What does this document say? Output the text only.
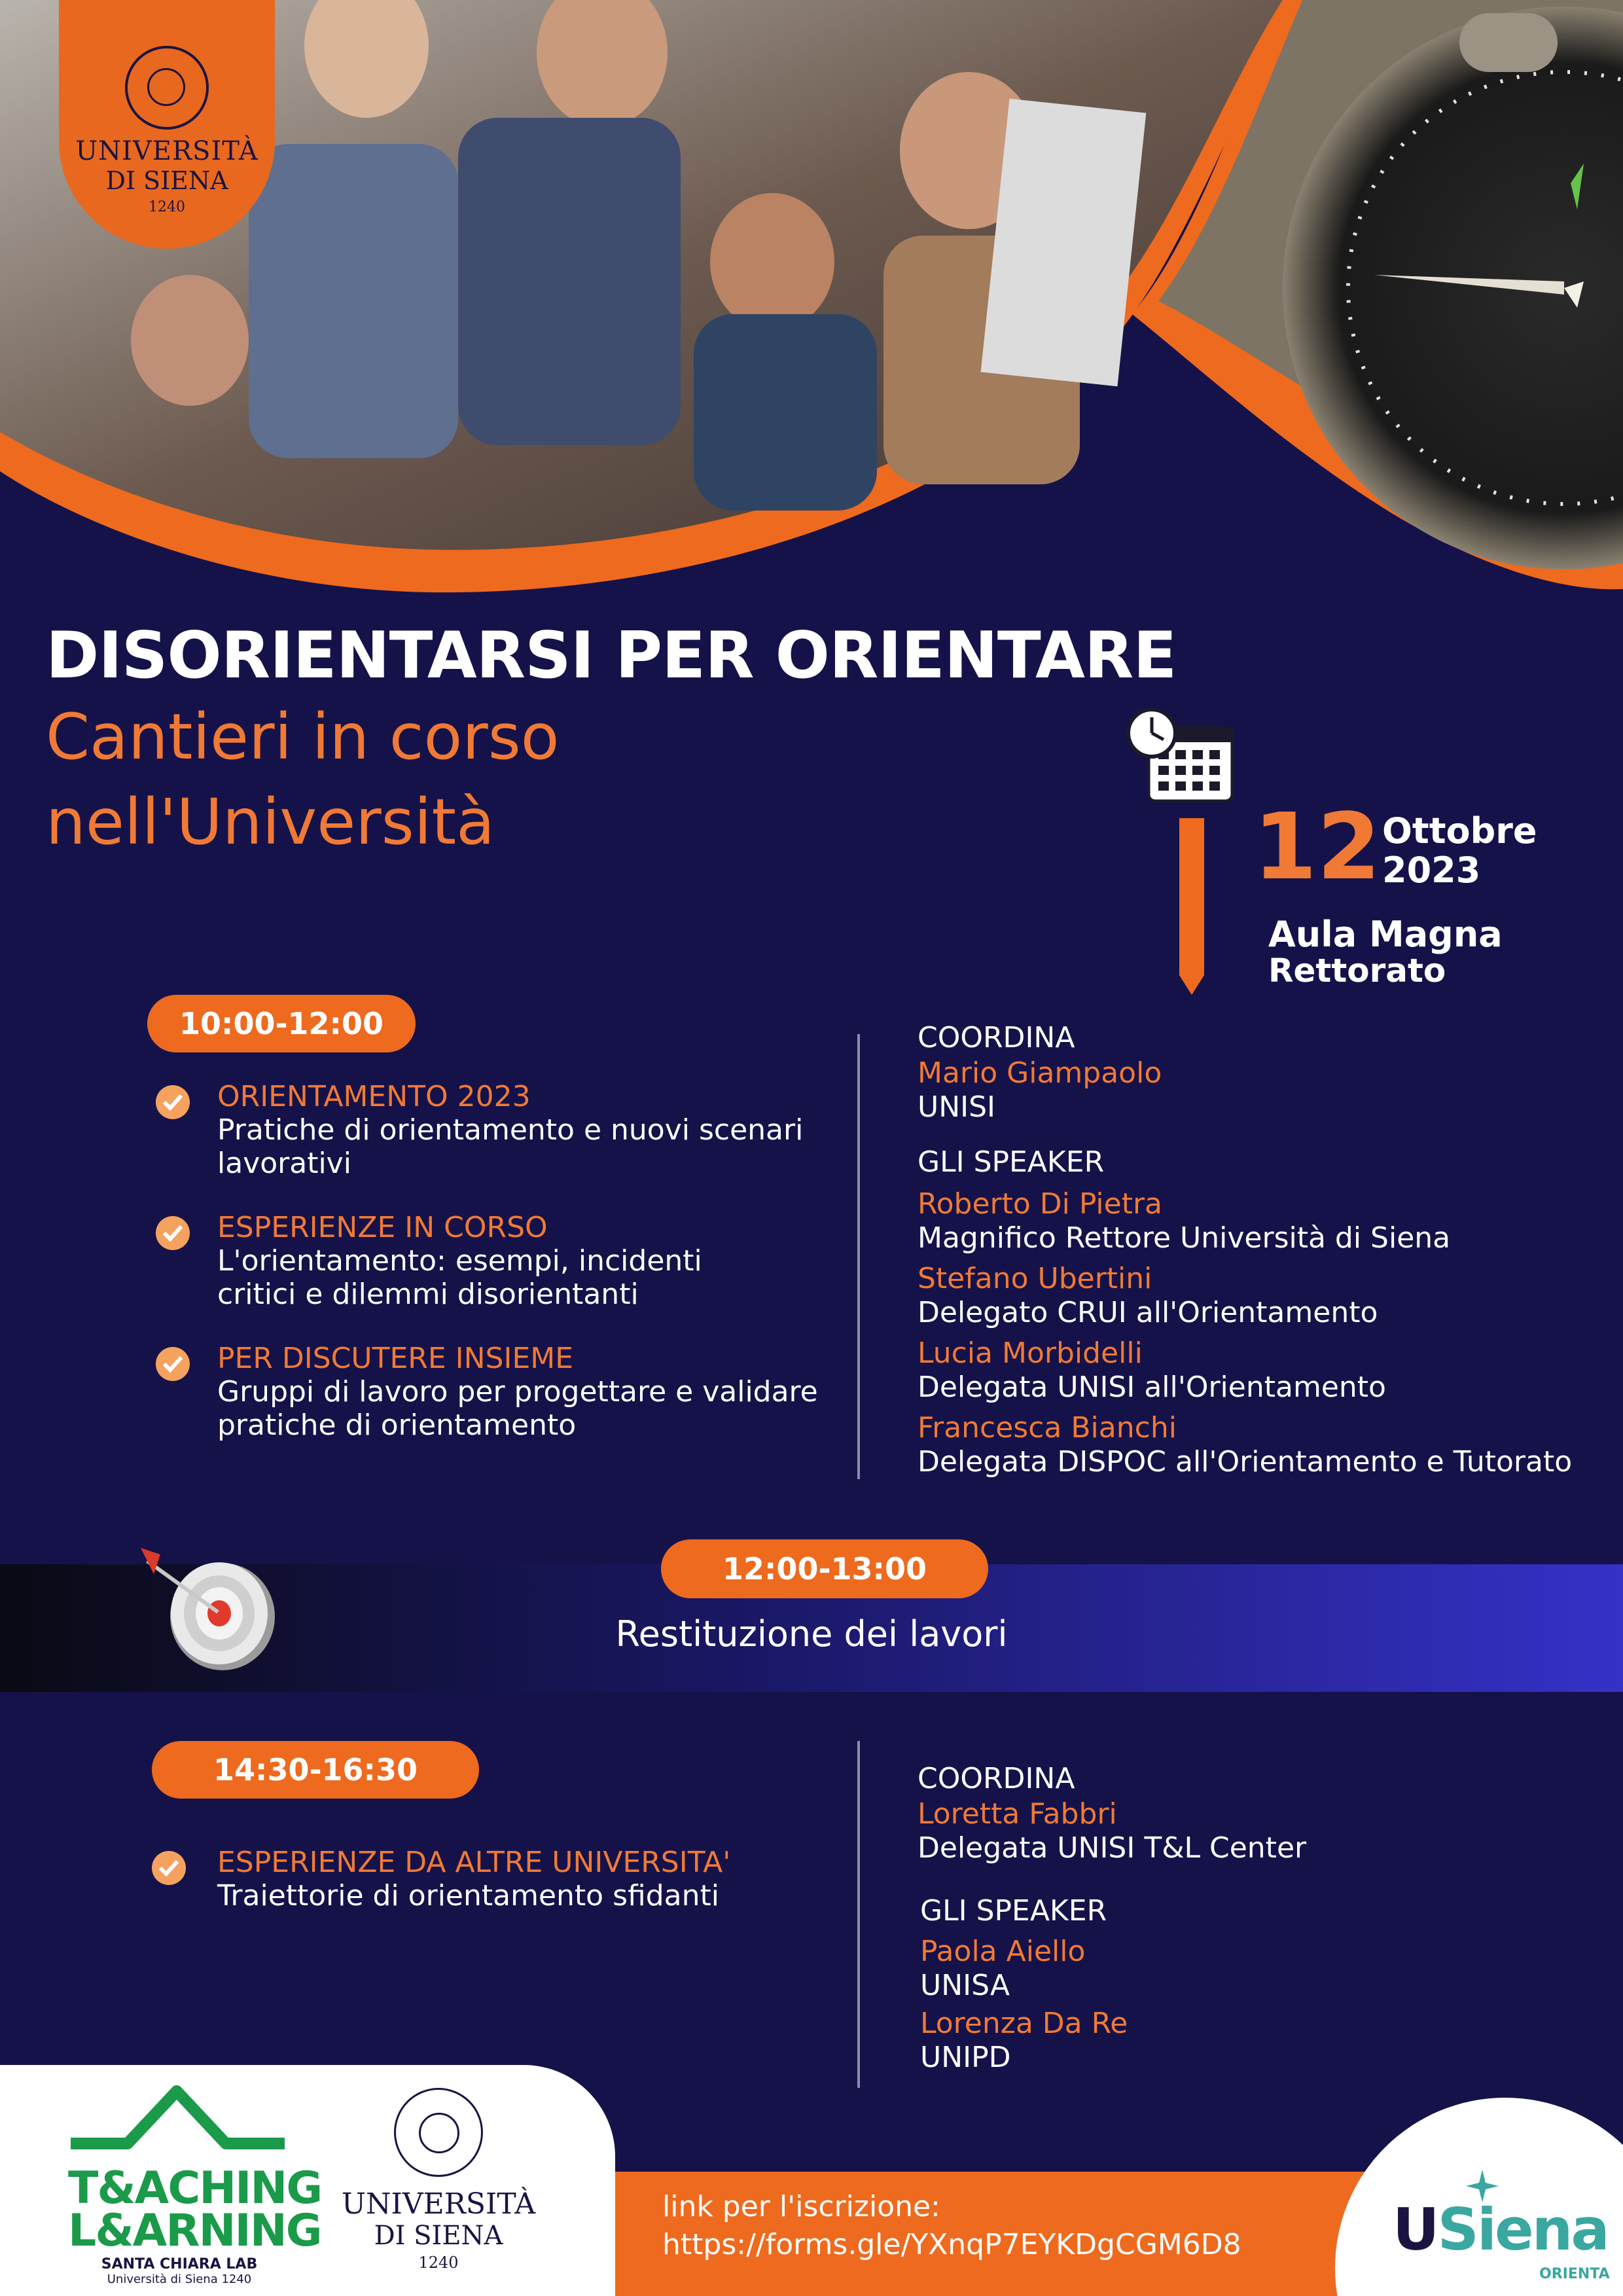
UNIVERSITÀ
DI SIENA
1240
DISORIENTARSI PER ORIENTARE
Cantieri in corso
nell'Università	12 Ottobre
2023
Aula Magna
Rettorato
10:00-12:00
ORIENTAMENTO 2023
Pratiche di orientamento e nuovi scenari
lavorativi
ESPERIENZE IN CORSO
L'orientamento: esempi, incidenti
critici e dilemmi disorientanti
PER DISCUTERE INSIEME
Gruppi di lavoro per progettare e validare
pratiche di orientamento
COORDINA
Mario Giampaolo
UNISI
GLI SPEAKER
Roberto Di Pietra
Magnifico Rettore Università di Siena
Stefano Ubertini
Delegato CRUI all'Orientamento
Lucia Morbidelli
Delegata UNISI all'Orientamento
Francesca Bianchi
Delegata DISPOC all'Orientamento e Tutorato
12:00-13:00
Restituzione dei lavori
14:30-16:30
ESPERIENZE DA ALTRE UNIVERSITA'
Traiettorie di orientamento sfidanti
COORDINA
Loretta Fabbri
Delegata UNISI T&L Center
GLI SPEAKER
Paola Aiello
UNISA
Lorenza Da Re
UNIPD
T&ACHING
L&ARNING
SANTA CHIARA LAB
Università di Siena 1240
UNIVERSITÀ
DI SIENA
1240
link per l'iscrizione:
https://forms.gle/YXnqP7EYKDgCGM6D8	USiena
ORIENTA
